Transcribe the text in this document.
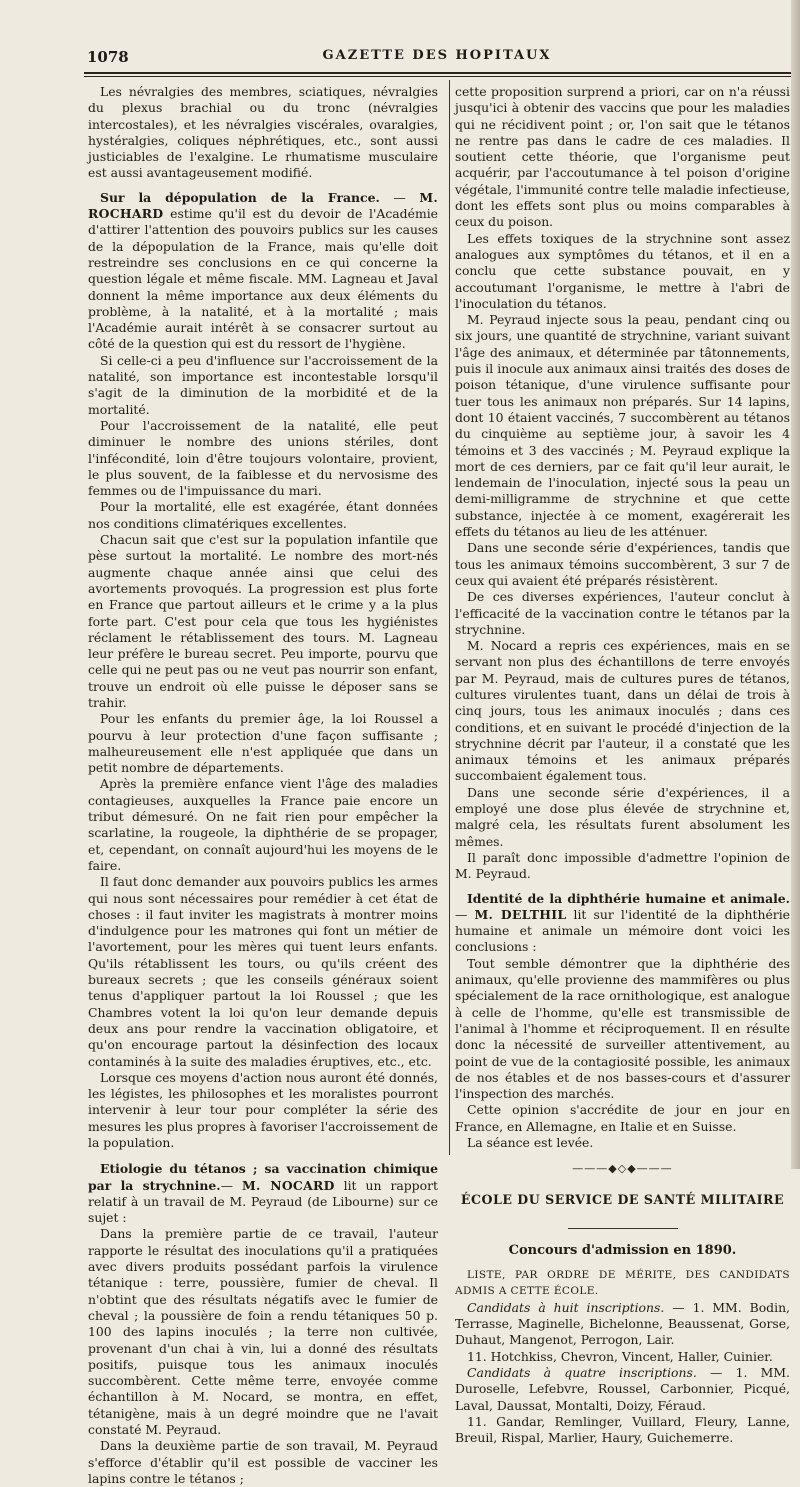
1078	GAZETTE DES HOPITAUX

Les névralgies des membres, sciatiques, névralgies du plexus brachial ou du tronc (névralgies intercostales), et les névralgies viscérales, ovaralgies, hystéralgies, coliques néphrétiques, etc., sont aussi justiciables de l'exalgine. Le rhumatisme musculaire est aussi avantageusement modifié.

Sur la dépopulation de la France. — M. ROCHARD estime qu'il est du devoir de l'Académie d'attirer l'attention des pouvoirs publics sur les causes de la dépopulation de la France, mais qu'elle doit restreindre ses conclusions en ce qui concerne la question légale et même fiscale. MM. Lagneau et Javal donnent la même importance aux deux éléments du problème, à la natalité, et à la mortalité ; mais l'Académie aurait intérêt à se consacrer surtout au côté de la question qui est du ressort de l'hygiène.

Si celle-ci a peu d'influence sur l'accroissement de la natalité, son importance est incontestable lorsqu'il s'agit de la diminution de la morbidité et de la mortalité.

Pour l'accroissement de la natalité, elle peut diminuer le nombre des unions stériles, dont l'infécondité, loin d'être toujours volontaire, provient, le plus souvent, de la faiblesse et du nervosisme des femmes ou de l'impuissance du mari.

Pour la mortalité, elle est exagérée, étant données nos conditions climatériques excellentes.

Chacun sait que c'est sur la population infantile que pèse surtout la mortalité. Le nombre des mort-nés augmente chaque année ainsi que celui des avortements provoqués. La progression est plus forte en France que partout ailleurs et le crime y a la plus forte part. C'est pour cela que tous les hygiénistes réclament le rétablissement des tours. M. Lagneau leur préfère le bureau secret. Peu importe, pourvu que celle qui ne peut pas ou ne veut pas nourrir son enfant, trouve un endroit où elle puisse le déposer sans se trahir.

Pour les enfants du premier âge, la loi Roussel a pourvu à leur protection d'une façon suffisante ; malheureusement elle n'est appliquée que dans un petit nombre de départements.

Après la première enfance vient l'âge des maladies contagieuses, auxquelles la France paie encore un tribut démesuré. On ne fait rien pour empêcher la scarlatine, la rougeole, la diphthérie de se propager, et, cependant, on connaît aujourd'hui les moyens de le faire.

Il faut donc demander aux pouvoirs publics les armes qui nous sont nécessaires pour remédier à cet état de choses : il faut inviter les magistrats à montrer moins d'indulgence pour les matrones qui font un métier de l'avortement, pour les mères qui tuent leurs enfants. Qu'ils rétablissent les tours, ou qu'ils créent des bureaux secrets ; que les conseils généraux soient tenus d'appliquer partout la loi Roussel ; que les Chambres votent la loi qu'on leur demande depuis deux ans pour rendre la vaccination obligatoire, et qu'on encourage partout la désinfection des locaux contaminés à la suite des maladies éruptives, etc., etc.

Lorsque ces moyens d'action nous auront été donnés, les légistes, les philosophes et les moralistes pourront intervenir à leur tour pour compléter la série des mesures les plus propres à favoriser l'accroissement de la population.

Etiologie du tétanos ; sa vaccination chimique par la strychnine.— M. NOCARD lit un rapport relatif à un travail de M. Peyraud (de Libourne) sur ce sujet :

Dans la première partie de ce travail, l'auteur rapporte le résultat des inoculations qu'il a pratiquées avec divers produits possédant parfois la virulence tétanique : terre, poussière, fumier de cheval. Il n'obtint que des résultats négatifs avec le fumier de cheval ; la poussière de foin a rendu tétaniques 50 p. 100 des lapins inoculés ; la terre non cultivée, provenant d'un chai à vin, lui a donné des résultats positifs, puisque tous les animaux inoculés succombèrent. Cette même terre, envoyée comme échantillon à M. Nocard, se montra, en effet, tétanigène, mais à un degré moindre que ne l'avait constaté M. Peyraud.

Dans la deuxième partie de son travail, M. Peyraud s'efforce d'établir qu'il est possible de vacciner les lapins contre le tétanos ;

cette proposition surprend a priori, car on n'a réussi jusqu'ici à obtenir des vaccins que pour les maladies qui ne récidivent point ; or, l'on sait que le tétanos ne rentre pas dans le cadre de ces maladies. Il soutient cette théorie, que l'organisme peut acquérir, par l'accoutumance à tel poison d'origine végétale, l'immunité contre telle maladie infectieuse, dont les effets sont plus ou moins comparables à ceux du poison.

Les effets toxiques de la strychnine sont assez analogues aux symptômes du tétanos, et il en a conclu que cette substance pouvait, en y accoutumant l'organisme, le mettre à l'abri de l'inoculation du tétanos.

M. Peyraud injecte sous la peau, pendant cinq ou six jours, une quantité de strychnine, variant suivant l'âge des animaux, et déterminée par tâtonnements, puis il inocule aux animaux ainsi traités des doses de poison tétanique, d'une virulence suffisante pour tuer tous les animaux non préparés. Sur 14 lapins, dont 10 étaient vaccinés, 7 succombèrent au tétanos du cinquième au septième jour, à savoir les 4 témoins et 3 des vaccinés ; M. Peyraud explique la mort de ces derniers, par ce fait qu'il leur aurait, le lendemain de l'inoculation, injecté sous la peau un demi-milligramme de strychnine et que cette substance, injectée à ce moment, exagérerait les effets du tétanos au lieu de les atténuer.

Dans une seconde série d'expériences, tandis que tous les animaux témoins succombèrent, 3 sur 7 de ceux qui avaient été préparés résistèrent.

De ces diverses expériences, l'auteur conclut à l'efficacité de la vaccination contre le tétanos par la strychnine.

M. Nocard a repris ces expériences, mais en se servant non plus des échantillons de terre envoyés par M. Peyraud, mais de cultures pures de tétanos, cultures virulentes tuant, dans un délai de trois à cinq jours, tous les animaux inoculés ; dans ces conditions, et en suivant le procédé d'injection de la strychnine décrit par l'auteur, il a constaté que les animaux témoins et les animaux préparés succombaient également tous.

Dans une seconde série d'expériences, il a employé une dose plus élevée de strychnine et, malgré cela, les résultats furent absolument les mêmes.

Il paraît donc impossible d'admettre l'opinion de M. Peyraud.

Identité de la diphthérie humaine et animale. — M. DELTHIL lit sur l'identité de la diphthérie humaine et animale un mémoire dont voici les conclusions :

Tout semble démontrer que la diphthérie des animaux, qu'elle provienne des mammifères ou plus spécialement de la race ornithologique, est analogue à celle de l'homme, qu'elle est transmissible de l'animal à l'homme et réciproquement. Il en résulte donc la nécessité de surveiller attentivement, au point de vue de la contagiosité possible, les animaux de nos étables et de nos basses-cours et d'assurer l'inspection des marchés.

Cette opinion s'accrédite de jour en jour en France, en Allemagne, en Italie et en Suisse.

La séance est levée.

———◆◇◆———
ÉCOLE DU SERVICE DE SANTÉ MILITAIRE
Concours d'admission en 1890.

LISTE, PAR ORDRE DE MÉRITE, DES CANDIDATS ADMIS A CETTE ÉCOLE.

Candidats à huit inscriptions. — 1. MM. Bodin, Terrasse, Maginelle, Bichelonne, Beaussenat, Gorse, Duhaut, Mangenot, Perrogon, Lair.

11. Hotchkiss, Chevron, Vincent, Haller, Cuinier.

Candidats à quatre inscriptions. — 1. MM. Duroselle, Lefebvre, Roussel, Carbonnier, Picqué, Laval, Daussat, Montalti, Doizy, Féraud.

11. Gandar, Remlinger, Vuillard, Fleury, Lanne, Breuil, Rispal, Marlier, Haury, Guichemerre.
